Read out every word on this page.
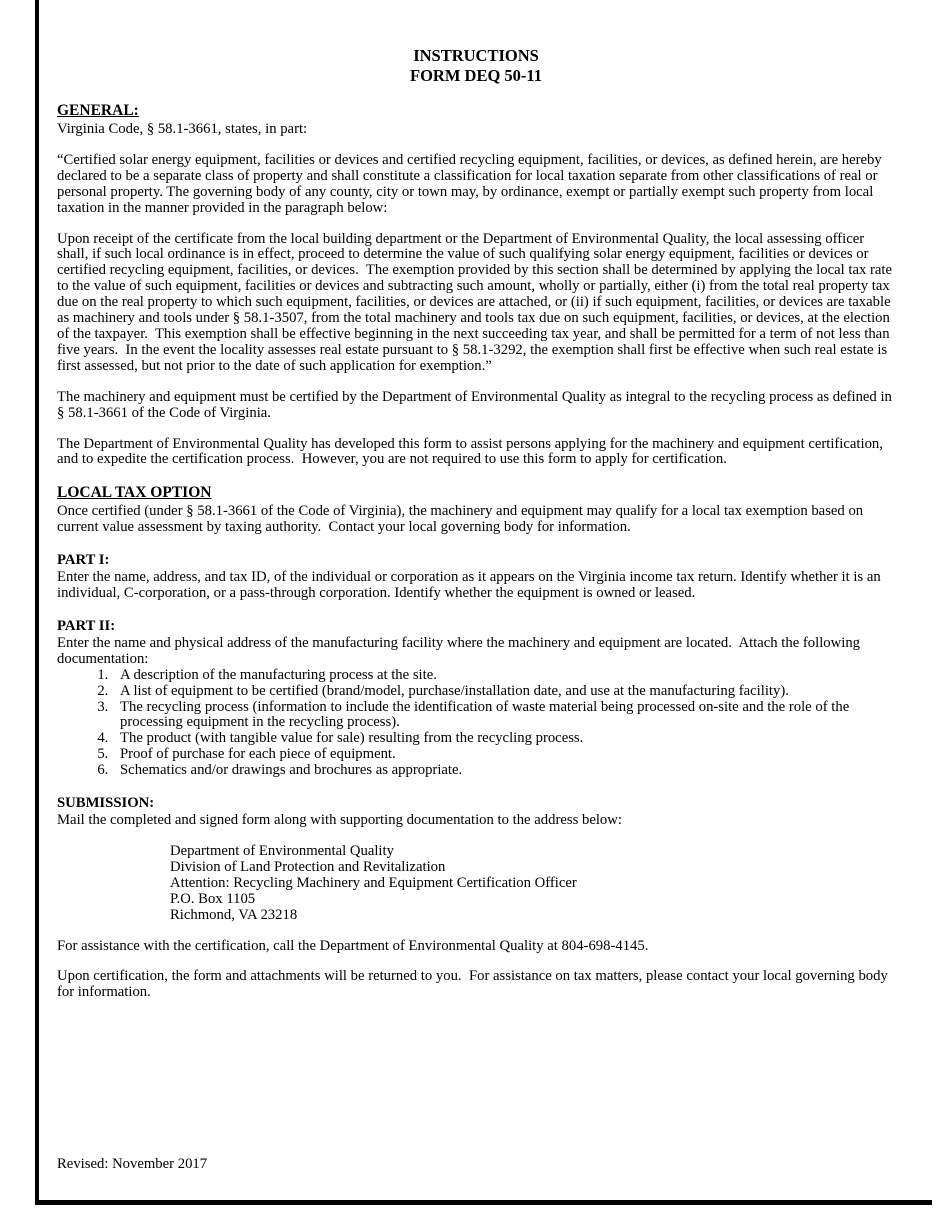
INSTRUCTIONS
FORM DEQ 50-11
GENERAL:

Virginia Code, § 58.1-3661, states, in part:

“Certified solar energy equipment, facilities or devices and certified recycling equipment, facilities, or devices, as defined herein, are hereby declared to be a separate class of property and shall constitute a classification for local taxation separate from other classifications of real or personal property. The governing body of any county, city or town may, by ordinance, exempt or partially exempt such property from local taxation in the manner provided in the paragraph below:

Upon receipt of the certificate from the local building department or the Department of Environmental Quality, the local assessing officer shall, if such local ordinance is in effect, proceed to determine the value of such qualifying solar energy equipment, facilities or devices or certified recycling equipment, facilities, or devices.  The exemption provided by this section shall be determined by applying the local tax rate to the value of such equipment, facilities or devices and subtracting such amount, wholly or partially, either (i) from the total real property tax due on the real property to which such equipment, facilities, or devices are attached, or (ii) if such equipment, facilities, or devices are taxable as machinery and tools under § 58.1-3507, from the total machinery and tools tax due on such equipment, facilities, or devices, at the election of the taxpayer.  This exemption shall be effective beginning in the next succeeding tax year, and shall be permitted for a term of not less than five years.  In the event the locality assesses real estate pursuant to § 58.1-3292, the exemption shall first be effective when such real estate is first assessed, but not prior to the date of such application for exemption.”

The machinery and equipment must be certified by the Department of Environmental Quality as integral to the recycling process as defined in § 58.1-3661 of the Code of Virginia.

The Department of Environmental Quality has developed this form to assist persons applying for the machinery and equipment certification, and to expedite the certification process.  However, you are not required to use this form to apply for certification.

LOCAL TAX OPTION

Once certified (under § 58.1-3661 of the Code of Virginia), the machinery and equipment may qualify for a local tax exemption based on current value assessment by taxing authority.  Contact your local governing body for information.

PART I:

Enter the name, address, and tax ID, of the individual or corporation as it appears on the Virginia income tax return. Identify whether it is an individual, C-corporation, or a pass-through corporation. Identify whether the equipment is owned or leased.

PART II:

Enter the name and physical address of the manufacturing facility where the machinery and equipment are located.  Attach the following documentation:

1. A description of the manufacturing process at the site.
2. A list of equipment to be certified (brand/model, purchase/installation date, and use at the manufacturing facility).
3. The recycling process (information to include the identification of waste material being processed on-site and the role of the processing equipment in the recycling process).
4. The product (with tangible value for sale) resulting from the recycling process.
5. Proof of purchase for each piece of equipment.
6. Schematics and/or drawings and brochures as appropriate.
SUBMISSION:

Mail the completed and signed form along with supporting documentation to the address below:

Department of Environmental Quality

Division of Land Protection and Revitalization

Attention: Recycling Machinery and Equipment Certification Officer

P.O. Box 1105

Richmond, VA 23218

For assistance with the certification, call the Department of Environmental Quality at 804-698-4145.

Upon certification, the form and attachments will be returned to you.  For assistance on tax matters, please contact your local governing body for information.

Revised: November 2017
